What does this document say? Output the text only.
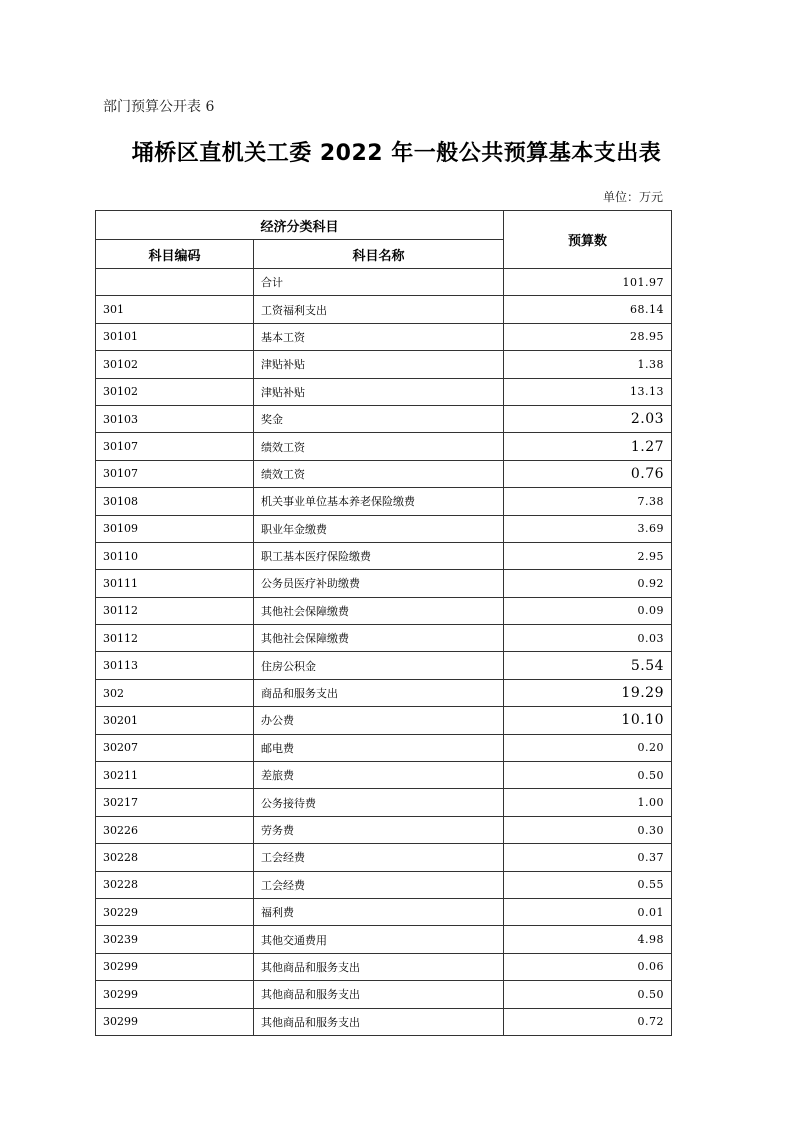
部门预算公开表 6
埇桥区直机关工委 2022 年一般公共预算基本支出表
单位：万元
经济分类科目		预算数
科目编码	科目名称	
	合计	101.97
301	工资福利支出	68.14
30101	基本工资	28.95
30102	津贴补贴	1.38
30102	津贴补贴	13.13
30103	奖金	2.03
30107	绩效工资	1.27
30107	绩效工资	0.76
30108	机关事业单位基本养老保险缴费	7.38
30109	职业年金缴费	3.69
30110	职工基本医疗保险缴费	2.95
30111	公务员医疗补助缴费	0.92
30112	其他社会保障缴费	0.09
30112	其他社会保障缴费	0.03
30113	住房公积金	5.54
302	商品和服务支出	19.29
30201	办公费	10.10
30207	邮电费	0.20
30211	差旅费	0.50
30217	公务接待费	1.00
30226	劳务费	0.30
30228	工会经费	0.37
30228	工会经费	0.55
30229	福利费	0.01
30239	其他交通费用	4.98
30299	其他商品和服务支出	0.06
30299	其他商品和服务支出	0.50
30299	其他商品和服务支出	0.72
